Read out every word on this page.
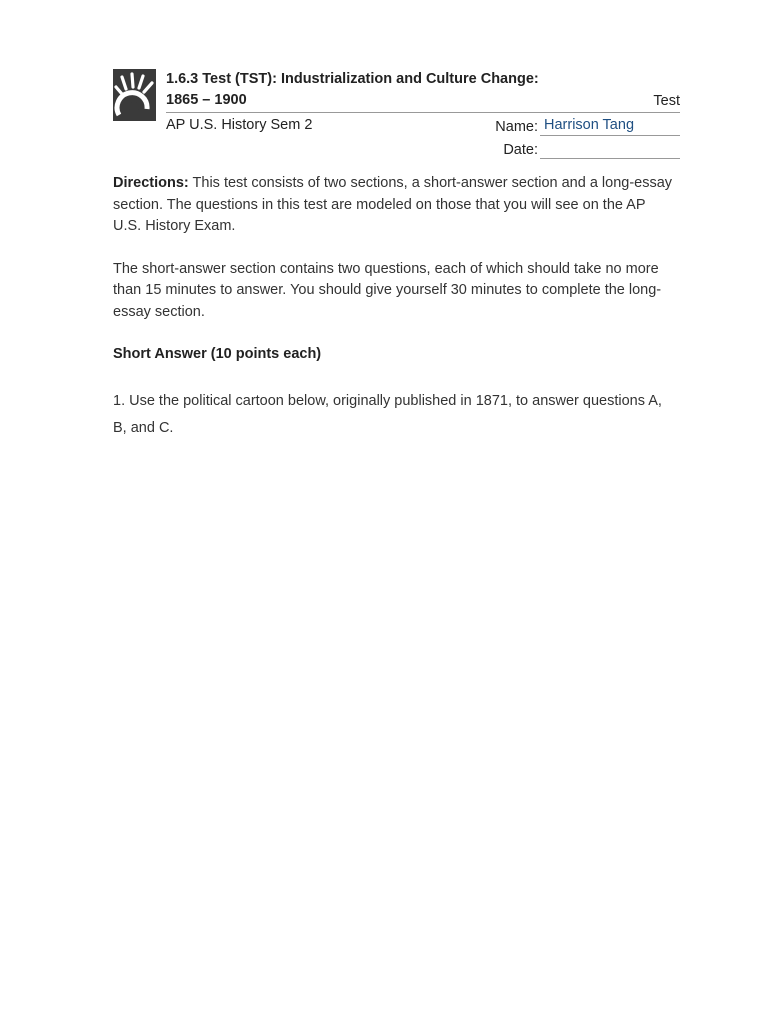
1.6.3 Test (TST): Industrialization and Culture Change:
1865 – 1900	Test
AP U.S. History Sem 2	Name: Harrison Tang
Date:

Directions: This test consists of two sections, a short-answer section and a long-essay section. The questions in this test are modeled on those that you will see on the AP U.S. History Exam.

The short-answer section contains two questions, each of which should take no more than 15 minutes to answer. You should give yourself 30 minutes to complete the long-essay section.

Short Answer (10 points each)

1. Use the political cartoon below, originally published in 1871, to answer questions A, B, and C.
